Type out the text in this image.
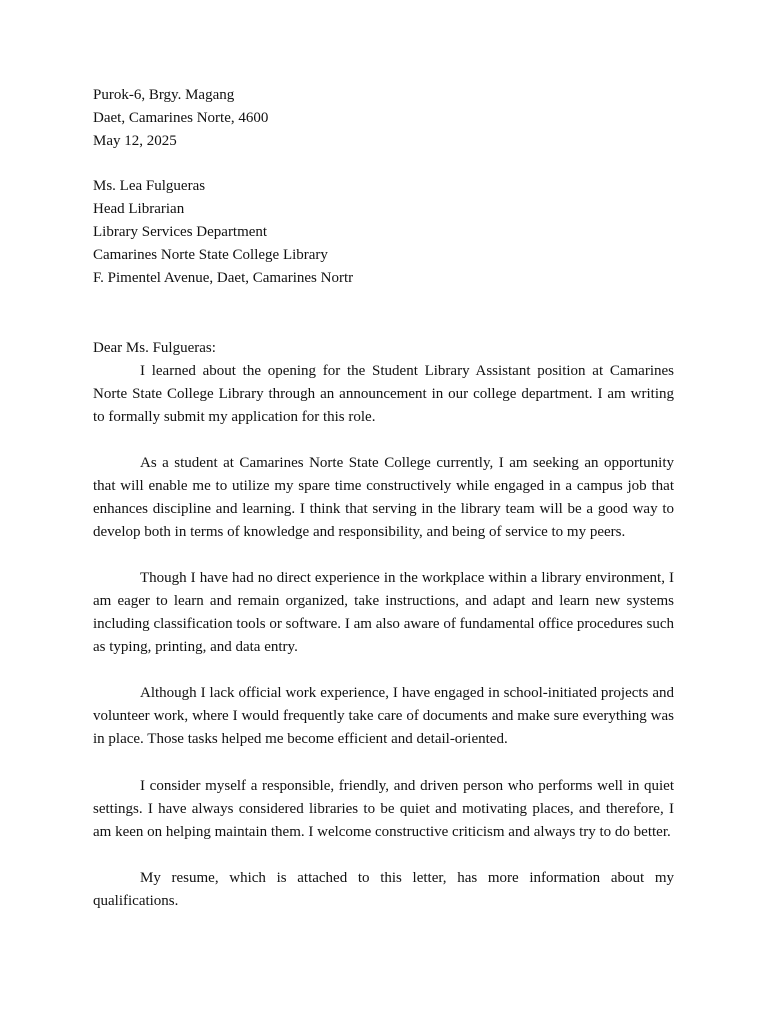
Purok-6, Brgy. Magang
Daet, Camarines Norte, 4600
May 12, 2025
Ms. Lea Fulgueras
Head Librarian
Library Services Department
Camarines Norte State College Library
F. Pimentel Avenue, Daet, Camarines Nortr
Dear Ms. Fulgueras:

I learned about the opening for the Student Library Assistant position at Camarines Norte State College Library through an announcement in our college department. I am writing to formally submit my application for this role.

As a student at Camarines Norte State College currently, I am seeking an opportunity that will enable me to utilize my spare time constructively while engaged in a campus job that enhances discipline and learning. I think that serving in the library team will be a good way to develop both in terms of knowledge and responsibility, and being of service to my peers.

Though I have had no direct experience in the workplace within a library environment, I am eager to learn and remain organized, take instructions, and adapt and learn new systems including classification tools or software. I am also aware of fundamental office procedures such as typing, printing, and data entry.

Although I lack official work experience, I have engaged in school-initiated projects and volunteer work, where I would frequently take care of documents and make sure everything was in place. Those tasks helped me become efficient and detail-oriented.

I consider myself a responsible, friendly, and driven person who performs well in quiet settings. I have always considered libraries to be quiet and motivating places, and therefore, I am keen on helping maintain them. I welcome constructive criticism and always try to do better.

My resume, which is attached to this letter, has more information about my qualifications.
